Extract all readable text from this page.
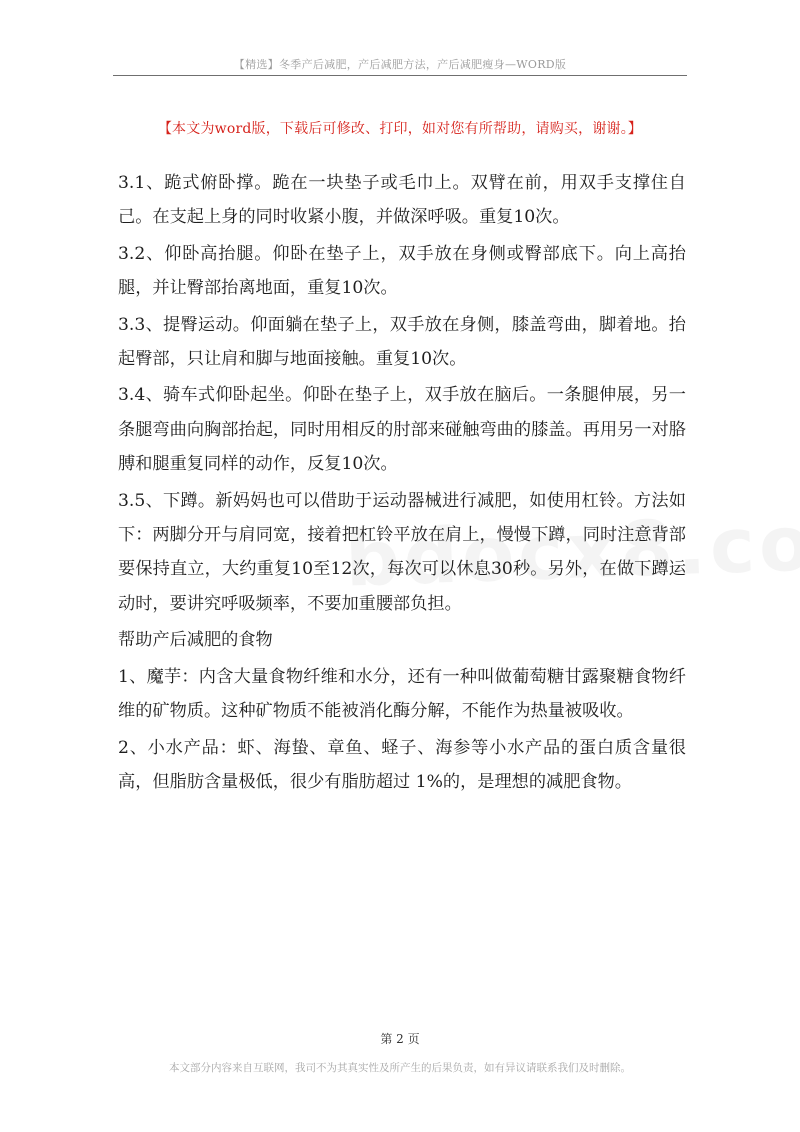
【精选】冬季产后减肥，产后减肥方法，产后减肥瘦身—WORD版
【本文为word版，下载后可修改、打印，如对您有所帮助，请购买，谢谢。】

3.1、跪式俯卧撑。跪在一块垫子或毛巾上。双臂在前，用双手支撑住自己。在支起上身的同时收紧小腹，并做深呼吸。重复10次。

3.2、仰卧高抬腿。仰卧在垫子上，双手放在身侧或臀部底下。向上高抬腿，并让臀部抬离地面，重复10次。

3.3、提臀运动。仰面躺在垫子上，双手放在身侧，膝盖弯曲，脚着地。抬起臀部，只让肩和脚与地面接触。重复10次。

3.4、骑车式仰卧起坐。仰卧在垫子上，双手放在脑后。一条腿伸展，另一条腿弯曲向胸部抬起，同时用相反的肘部来碰触弯曲的膝盖。再用另一对胳膊和腿重复同样的动作，反复10次。

3.5、下蹲。新妈妈也可以借助于运动器械进行减肥，如使用杠铃。方法如下：两脚分开与肩同宽，接着把杠铃平放在肩上，慢慢下蹲，同时注意背部要保持直立，大约重复10至12次，每次可以休息30秒。另外，在做下蹲运动时，要讲究呼吸频率，不要加重腰部负担。

帮助产后减肥的食物

1、魔芋：内含大量食物纤维和水分，还有一种叫做葡萄糖甘露聚糖食物纤维的矿物质。这种矿物质不能被消化酶分解，不能作为热量被吸收。

2、小水产品：虾、海蛰、章鱼、蛏子、海参等小水产品的蛋白质含量很高，但脂肪含量极低，很少有脂肪超过 1%的，是理想的减肥食物。

第 2 页
本文部分内容来自互联网，我司不为其真实性及所产生的后果负责，如有异议请联系我们及时删除。
